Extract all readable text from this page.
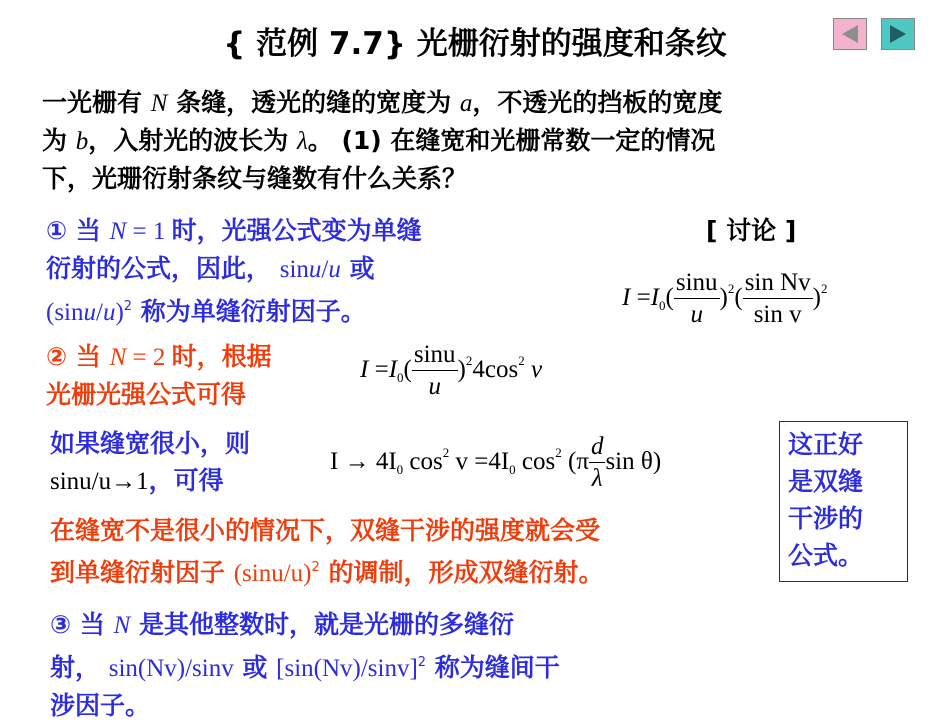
{ 范例 7.7} 光栅衍射的强度和条纹
一光栅有 N 条缝，透光的缝的宽度为 a，不透光的挡板的宽度
为 b，入射光的波长为 λ。 (1) 在缝宽和光栅常数一定的情况
下，光珊衍射条纹与缝数有什么关系？
① 当 N = 1 时，光强公式变为单缝
衍射的公式，因此， sinu/u 或
$(\sin u/u)^2$ 称为单缝衍射因子。
[ 讨论 ]
$I =I_0( \frac{\sin u}{u} )^2( \frac{\text{sin Nv}}{\text{sin v}} )^2$
② 当 N = 2 时，根据
光栅光强公式可得
$I =I_0( \frac{\sin u}{u} )^24\cos^2$ v
如果缝宽很小，则
sinu/u→1，可得
$I \to 4I_0$ $\cos^2 v =4I_0$ $\cos^2 (\pi \frac{d}{\lambda}$ sin θ)
这正好
是双缝
干涉的
公式。
在缝宽不是很小的情况下，双缝干涉的强度就会受
到单缝衍射因子 $(\sin u/u)^2$ 的调制，形成双缝衍射。
③ 当 N 是其他整数时，就是光栅的多缝衍
射， sin(Nv)/sinv 或 $[\sin(Nv)/\sin v]^2$ 称为缝间干
涉因子。
